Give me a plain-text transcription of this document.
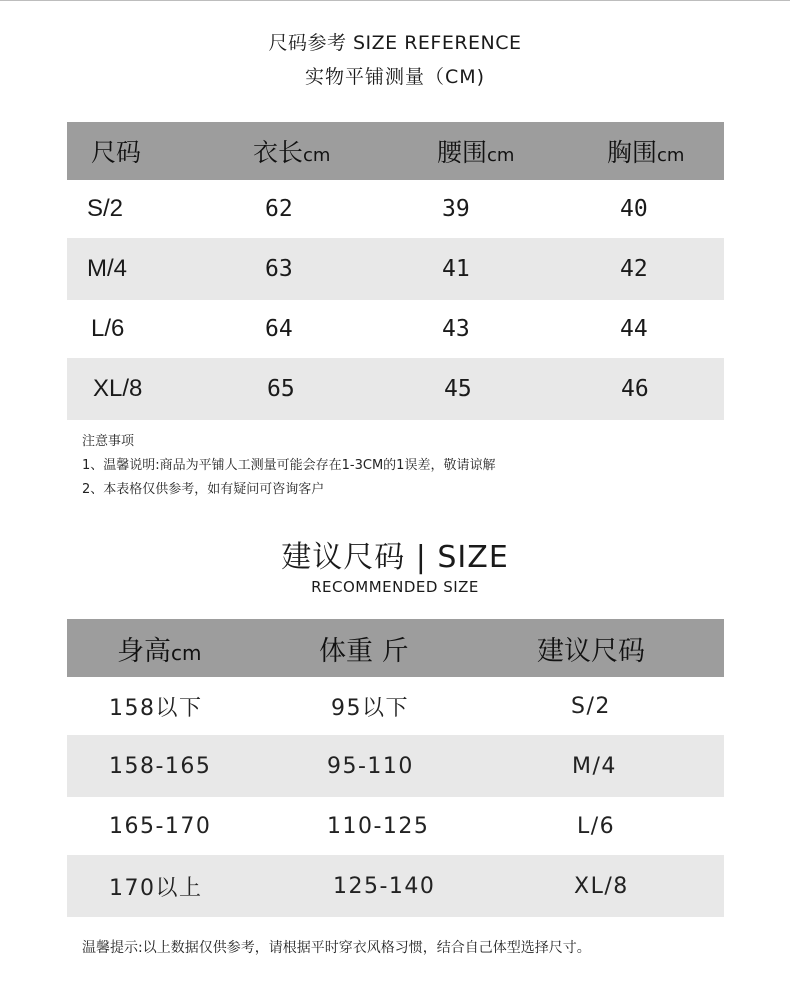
尺码参考 SIZE REFERENCE
实物平铺测量（CM)
尺码	衣长cm	腰围cm	胸围cm
S/2	62	39	40
M/4	63	41	42
L/6	64	43	44
XL/8	65	45	46
注意事项
1、温馨说明:商品为平铺人工测量可能会存在1-3CM的1误差，敬请谅解
2、本表格仅供参考，如有疑问可咨询客户
建议尺码 | SIZE
RECOMMENDED SIZE
身高cm	体重 斤	建议尺码
158以下	95以下	S/2
158-165	95-110	M/4
165-170	110-125	L/6
170以上	125-140	XL/8
温馨提示:以上数据仅供参考，请根据平时穿衣风格习惯，结合自己体型选择尺寸。
